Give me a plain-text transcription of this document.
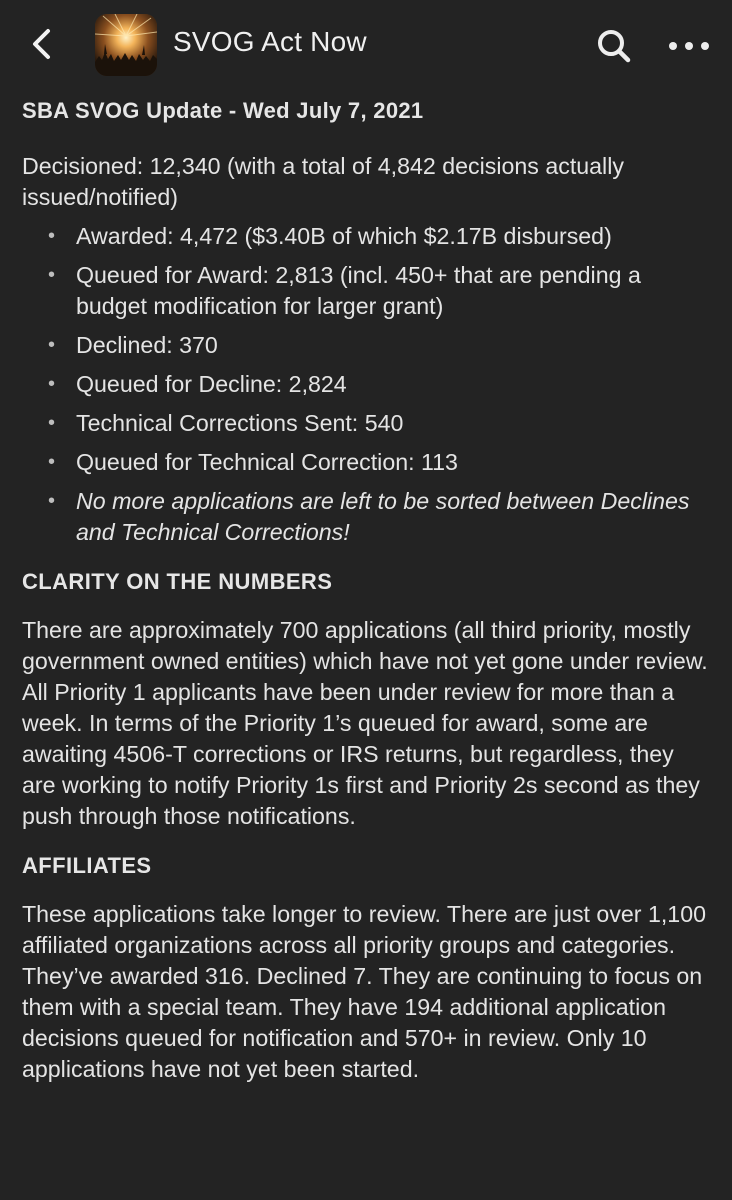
SVOG Act Now
SBA SVOG Update - Wed July 7, 2021
Decisioned: 12,340 (with a total of 4,842 decisions actually issued/notified)
• Awarded: 4,472 ($3.40B of which $2.17B disbursed)
• Queued for Award: 2,813 (incl. 450+ that are pending a budget modification for larger grant)
• Declined: 370
• Queued for Decline: 2,824
• Technical Corrections Sent: 540
• Queued for Technical Correction: 113
• No more applications are left to be sorted between Declines and Technical Corrections!
CLARITY ON THE NUMBERS
There are approximately 700 applications (all third priority, mostly government owned entities) which have not yet gone under review. All Priority 1 applicants have been under review for more than a week. In terms of the Priority 1’s queued for award, some are awaiting 4506-T corrections or IRS returns, but regardless, they are working to notify Priority 1s first and Priority 2s second as they push through those notifications.
AFFILIATES
These applications take longer to review. There are just over 1,100 affiliated organizations across all priority groups and categories. They’ve awarded 316. Declined 7. They are continuing to focus on them with a special team. They have 194 additional application decisions queued for notification and 570+ in review. Only 10 applications have not yet been started.
